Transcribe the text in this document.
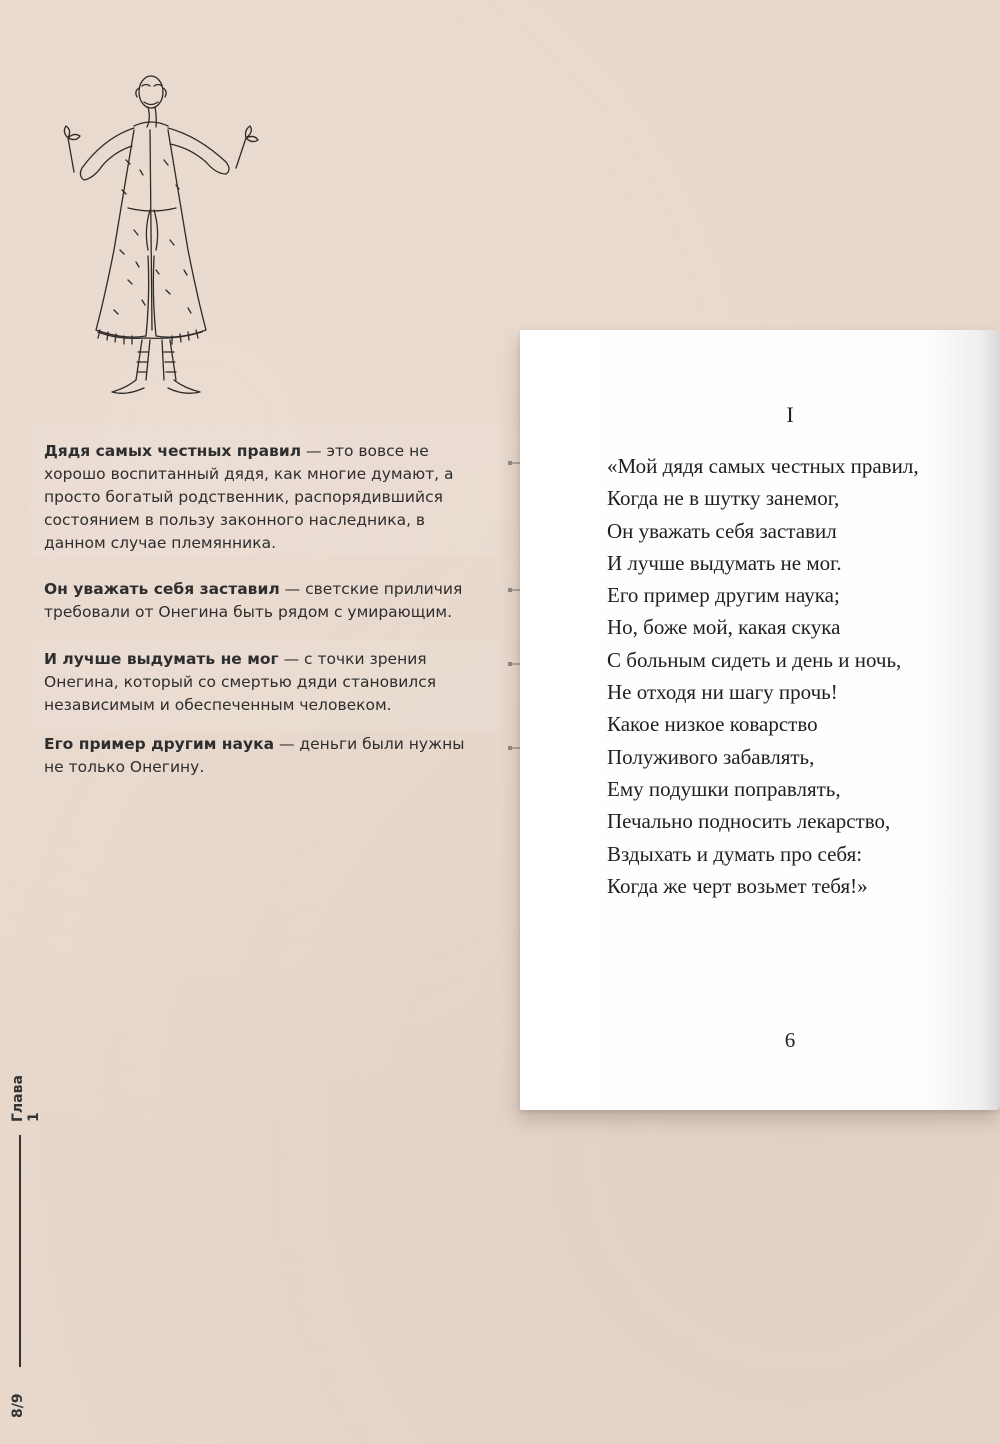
Дядя самых честных правил — это вовсе не хорошо воспитанный дядя, как многие думают, а просто богатый родственник, распорядившийся состоянием в пользу законного наследника, в данном случае племянника.
Он уважать себя заставил — светские приличия требовали от Онегина быть рядом с умирающим.
И лучше выдумать не мог — с точки зрения Онегина, который со смертью дяди становился независимым и обеспеченным человеком.
Его пример другим наука — деньги были нужны не только Онегину.
I
«Мой дядя самых честных правил,
Когда не в шутку занемог,
Он уважать себя заставил
И лучше выдумать не мог.
Его пример другим наука;
Но, боже мой, какая скука
С больным сидеть и день и ночь,
Не отходя ни шагу прочь!
Какое низкое коварство
Полуживого забавлять,
Ему подушки поправлять,
Печально подносить лекарство,
Вздыхать и думать про себя:
Когда же черт возьмет тебя!»
6
Глава 1
8/9
